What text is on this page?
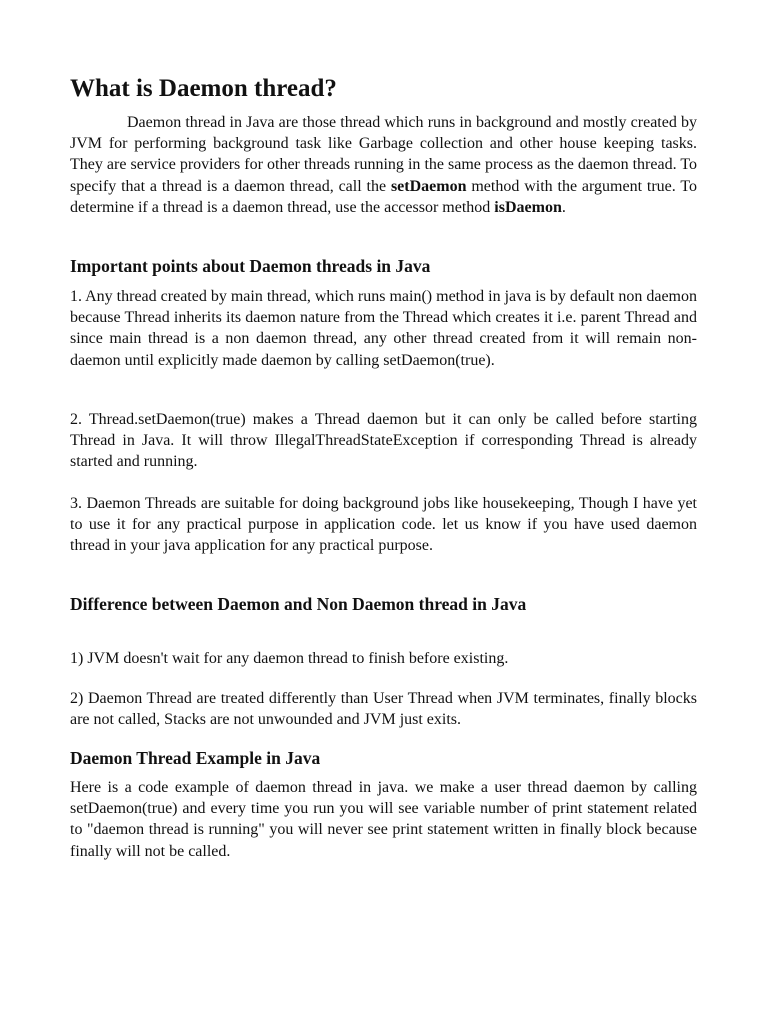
What is Daemon thread?

Daemon thread in Java are those thread which runs in background and mostly created by JVM for performing background task like Garbage collection and other house keeping tasks. They are service providers for other threads running in the same process as the daemon thread. To specify that a thread is a daemon thread, call the setDaemon method with the argument true. To determine if a thread is a daemon thread, use the accessor method isDaemon.

Important points about Daemon threads in Java

1. Any thread created by main thread, which runs main() method in java is by default non daemon because Thread inherits its daemon nature from the Thread which creates it i.e. parent Thread and since main thread is a non daemon thread, any other thread created from it will remain non-daemon until explicitly made daemon by calling setDaemon(true).

2. Thread.setDaemon(true) makes a Thread daemon but it can only be called before starting Thread in Java. It will throw IllegalThreadStateException if corresponding Thread is already started and running.

3. Daemon Threads are suitable for doing background jobs like housekeeping, Though I have yet to use it for any practical purpose in application code. let us know if you have used daemon thread in your java application for any practical purpose.

Difference between Daemon and Non Daemon thread in Java

1) JVM doesn't wait for any daemon thread to finish before existing.

2) Daemon Thread are treated differently than User Thread when JVM terminates, finally blocks are not called, Stacks are not unwounded and JVM just exits.

Daemon Thread Example in Java

Here is a code example of daemon thread in java. we make a user thread daemon by calling setDaemon(true) and every time you run you will see variable number of print statement related to "daemon thread is running" you will never see print statement written in finally block because finally will not be called.
